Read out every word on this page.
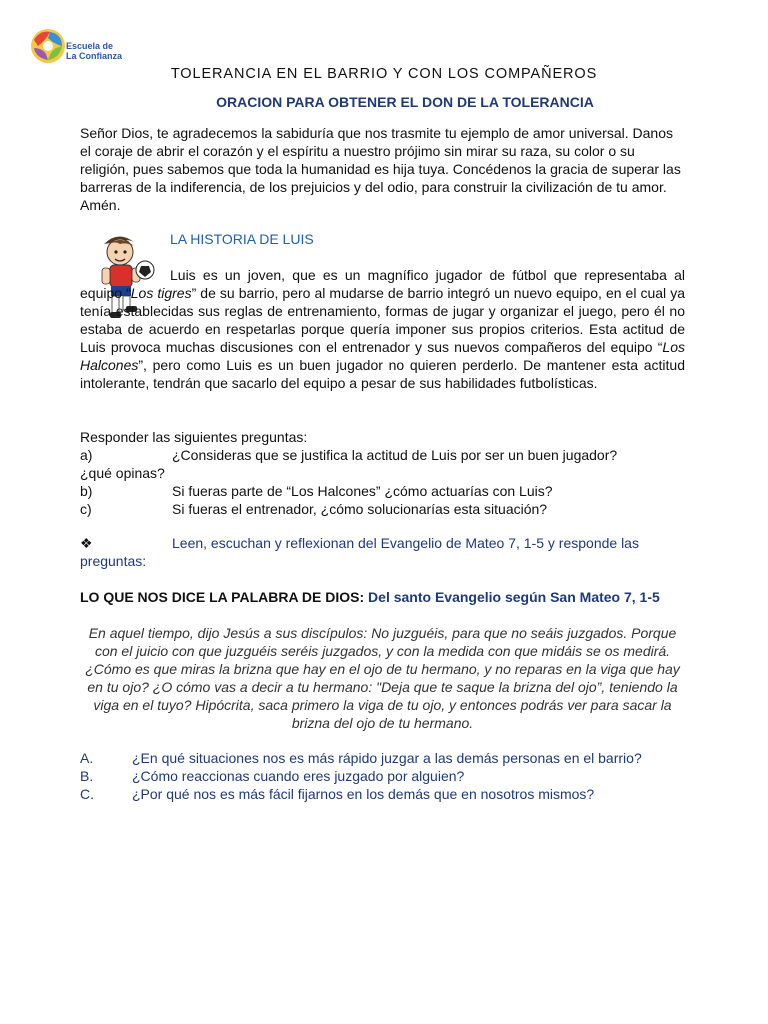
Escuela de
La Confianza
TOLERANCIA EN EL BARRIO Y CON LOS COMPAÑEROS
ORACION PARA OBTENER EL DON DE LA TOLERANCIA
Señor Dios, te agradecemos la sabiduría que nos trasmite tu ejemplo de amor universal. Danos el coraje de abrir el corazón y el espíritu a nuestro prójimo sin mirar su raza, su color o su religión, pues sabemos que toda la humanidad es hija tuya. Concédenos la gracia de superar las barreras de la indiferencia, de los prejuicios y del odio, para construir la civilización de tu amor. Amén.
LA HISTORIA DE LUIS
Luis es un joven, que es un magnífico jugador de fútbol que representaba al equipo “Los tigres” de su barrio, pero al mudarse de barrio integró un nuevo equipo, en el cual ya tenía establecidas sus reglas de entrenamiento, formas de jugar y organizar el juego, pero él no estaba de acuerdo en respetarlas porque quería imponer sus propios criterios. Esta actitud de Luis provoca muchas discusiones con el entrenador y sus nuevos compañeros del equipo “Los Halcones”, pero como Luis es un buen jugador no quieren perderlo. De mantener esta actitud intolerante, tendrán que sacarlo del equipo a pesar de sus habilidades futbolísticas.
Responder las siguientes preguntas:
a)	¿Consideras que se justifica la actitud de Luis por ser un buen jugador?
¿qué opinas?
b)	Si fueras parte de “Los Halcones” ¿cómo actuarías con Luis?
c)	Si fueras el entrenador, ¿cómo solucionarías esta situación?
❖	Leen, escuchan y reflexionan del Evangelio de Mateo 7, 1-5 y responde las
preguntas:
LO QUE NOS DICE LA PALABRA DE DIOS: Del santo Evangelio según San Mateo 7, 1-5
En aquel tiempo, dijo Jesús a sus discípulos: No juzguéis, para que no seáis juzgados. Porque con el juicio con que juzguéis seréis juzgados, y con la medida con que midáis se os medirá. ¿Cómo es que miras la brizna que hay en el ojo de tu hermano, y no reparas en la viga que hay en tu ojo? ¿O cómo vas a decir a tu hermano: "Deja que te saque la brizna del ojo”, teniendo la viga en el tuyo? Hipócrita, saca primero la viga de tu ojo, y entonces podrás ver para sacar la brizna del ojo de tu hermano.
A.	¿En qué situaciones nos es más rápido juzgar a las demás personas en el barrio?
B.	¿Cómo reaccionas cuando eres juzgado por alguien?
C.	¿Por qué nos es más fácil fijarnos en los demás que en nosotros mismos?
